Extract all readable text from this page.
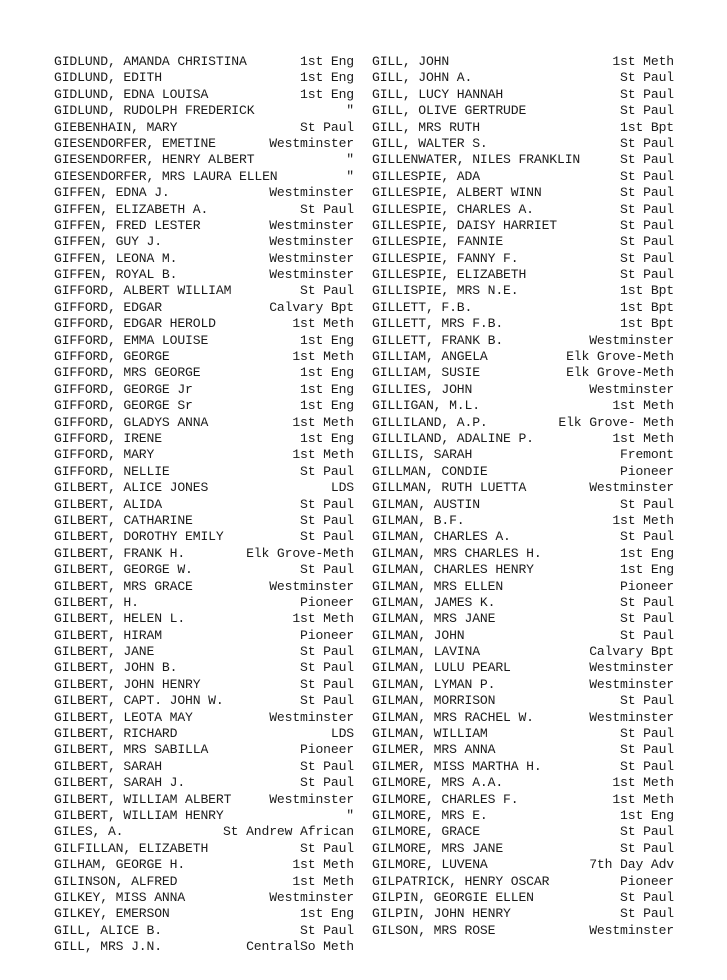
GIDLUND, AMANDA CHRISTINA	1st Eng
GIDLUND, EDITH	1st Eng
GIDLUND, EDNA LOUISA	1st Eng
GIDLUND, RUDOLPH FREDERICK	"
GIEBENHAIN, MARY	St Paul
GIESENDORFER, EMETINE	Westminster
GIESENDORFER, HENRY ALBERT	"
GIESENDORFER, MRS LAURA ELLEN	"
GIFFEN, EDNA J.	Westminster
GIFFEN, ELIZABETH A.	St Paul
GIFFEN, FRED LESTER	Westminster
GIFFEN, GUY J.	Westminster
GIFFEN, LEONA M.	Westminster
GIFFEN, ROYAL B.	Westminster
GIFFORD, ALBERT WILLIAM	St Paul
GIFFORD, EDGAR	Calvary Bpt
GIFFORD, EDGAR HEROLD	1st Meth
GIFFORD, EMMA LOUISE	1st Eng
GIFFORD, GEORGE	1st Meth
GIFFORD, MRS GEORGE	1st Eng
GIFFORD, GEORGE Jr	1st Eng
GIFFORD, GEORGE Sr	1st Eng
GIFFORD, GLADYS ANNA	1st Meth
GIFFORD, IRENE	1st Eng
GIFFORD, MARY	1st Meth
GIFFORD, NELLIE	St Paul
GILBERT, ALICE JONES	LDS
GILBERT, ALIDA	St Paul
GILBERT, CATHARINE	St Paul
GILBERT, DOROTHY EMILY	St Paul
GILBERT, FRANK H.	Elk Grove-Meth
GILBERT, GEORGE W.	St Paul
GILBERT, MRS GRACE	Westminster
GILBERT, H.	Pioneer
GILBERT, HELEN L.	1st Meth
GILBERT, HIRAM	Pioneer
GILBERT, JANE	St Paul
GILBERT, JOHN B.	St Paul
GILBERT, JOHN HENRY	St Paul
GILBERT, CAPT. JOHN W.	St Paul
GILBERT, LEOTA MAY	Westminster
GILBERT, RICHARD	LDS
GILBERT, MRS SABILLA	Pioneer
GILBERT, SARAH	St Paul
GILBERT, SARAH J.	St Paul
GILBERT, WILLIAM ALBERT	Westminster
GILBERT, WILLIAM HENRY	"
GILES, A.	St Andrew African
GILFILLAN, ELIZABETH	St Paul
GILHAM, GEORGE H.	1st Meth
GILINSON, ALFRED	1st Meth
GILKEY, MISS ANNA	Westminster
GILKEY, EMERSON	1st Eng
GILL, ALICE B.	St Paul
GILL, MRS J.N.	CentralSo Meth
GILL, JOHN	1st Meth
GILL, JOHN A.	St Paul
GILL, LUCY HANNAH	St Paul
GILL, OLIVE GERTRUDE	St Paul
GILL, MRS RUTH	1st Bpt
GILL, WALTER S.	St Paul
GILLENWATER, NILES FRANKLIN	St Paul
GILLESPIE, ADA	St Paul
GILLESPIE, ALBERT WINN	St Paul
GILLESPIE, CHARLES A.	St Paul
GILLESPIE, DAISY HARRIET	St Paul
GILLESPIE, FANNIE	St Paul
GILLESPIE, FANNY F.	St Paul
GILLESPIE, ELIZABETH	St Paul
GILLISPIE, MRS N.E.	1st Bpt
GILLETT, F.B.	1st Bpt
GILLETT, MRS F.B.	1st Bpt
GILLETT, FRANK B.	Westminster
GILLIAM, ANGELA	Elk Grove-Meth
GILLIAM, SUSIE	Elk Grove-Meth
GILLIES, JOHN	Westminster
GILLIGAN, M.L.	1st Meth
GILLILAND, A.P.	Elk Grove- Meth
GILLILAND, ADALINE P.	1st Meth
GILLIS, SARAH	Fremont
GILLMAN, CONDIE	Pioneer
GILLMAN, RUTH LUETTA	Westminster
GILMAN, AUSTIN	St Paul
GILMAN, B.F.	1st Meth
GILMAN, CHARLES A.	St Paul
GILMAN, MRS CHARLES H.	1st Eng
GILMAN, CHARLES HENRY	1st Eng
GILMAN, MRS ELLEN	Pioneer
GILMAN, JAMES K.	St Paul
GILMAN, MRS JANE	St Paul
GILMAN, JOHN	St Paul
GILMAN, LAVINA	Calvary Bpt
GILMAN, LULU PEARL	Westminster
GILMAN, LYMAN P.	Westminster
GILMAN, MORRISON	St Paul
GILMAN, MRS RACHEL W.	Westminster
GILMAN, WILLIAM	St Paul
GILMER, MRS ANNA	St Paul
GILMER, MISS MARTHA H.	St Paul
GILMORE, MRS A.A.	1st Meth
GILMORE, CHARLES F.	1st Meth
GILMORE, MRS E.	1st Eng
GILMORE, GRACE	St Paul
GILMORE, MRS JANE	St Paul
GILMORE, LUVENA	7th Day Adv
GILPATRICK, HENRY OSCAR	Pioneer
GILPIN, GEORGIE ELLEN	St Paul
GILPIN, JOHN HENRY	St Paul
GILSON, MRS ROSE	Westminster
